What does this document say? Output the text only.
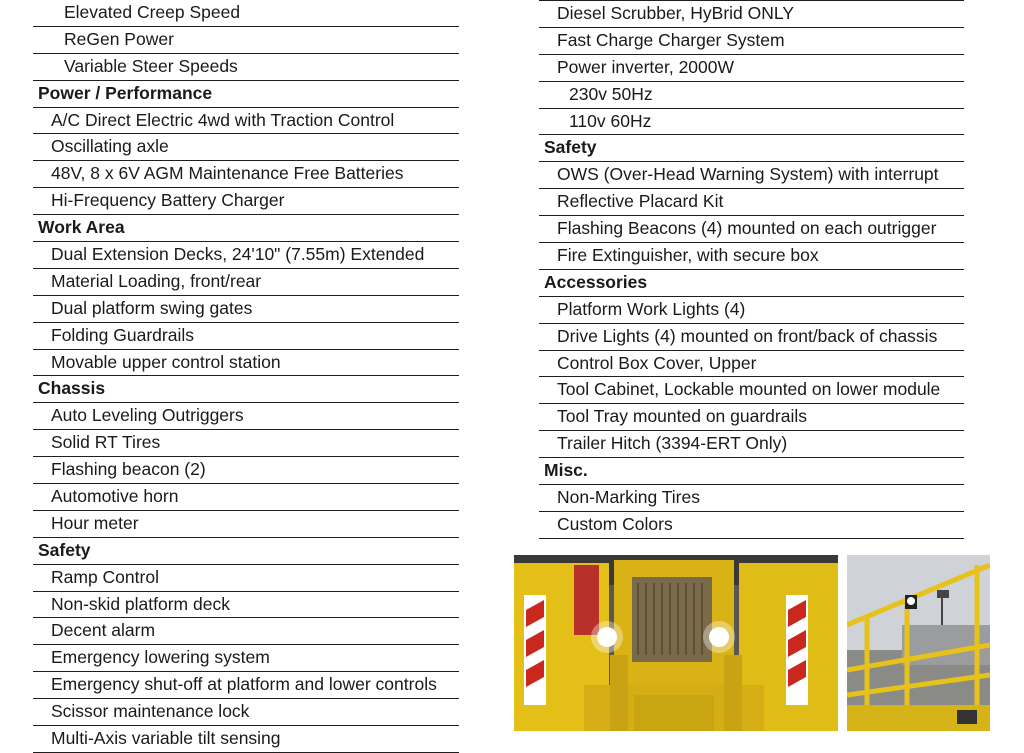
Elevated Creep Speed
ReGen Power
Variable Steer Speeds
Power / Performance
A/C Direct Electric 4wd with Traction Control
Oscillating axle
48V, 8 x 6V AGM Maintenance Free Batteries
Hi-Frequency Battery Charger
Work Area
Dual Extension Decks, 24'10" (7.55m) Extended
Material Loading, front/rear
Dual platform swing gates
Folding Guardrails
Movable upper control station
Chassis
Auto Leveling Outriggers
Solid RT Tires
Flashing beacon (2)
Automotive horn
Hour meter
Safety
Ramp Control
Non-skid platform deck
Decent alarm
Emergency lowering system
Emergency shut-off at platform and lower controls
Scissor maintenance lock
Multi-Axis variable tilt sensing
Diesel Scrubber, HyBrid ONLY
Fast Charge Charger System
Power inverter, 2000W
230v 50Hz
110v 60Hz
Safety
OWS (Over-Head Warning System) with interrupt
Reflective Placard Kit
Flashing Beacons (4) mounted on each outrigger
Fire Extinguisher, with secure box
Accessories
Platform Work Lights (4)
Drive Lights (4) mounted on front/back of chassis
Control Box Cover, Upper
Tool Cabinet, Lockable mounted on lower module
Tool Tray mounted on guardrails
Trailer Hitch (3394-ERT Only)
Misc.
Non-Marking Tires
Custom Colors
